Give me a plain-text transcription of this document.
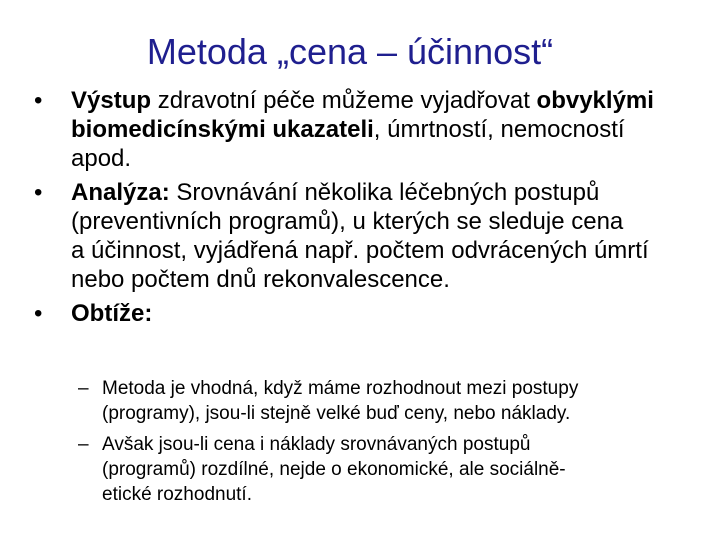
Metoda „cena – účinnost“
•	Výstup zdravotní péče můžeme vyjadřovat obvyklými
biomedicínskými ukazateli, úmrtností, nemocností
apod.
•	Analýza: Srovnávání několika léčebných postupů
(preventivních programů), u kterých se sleduje cena
a účinnost, vyjádřená např. počtem odvrácených úmrtí
nebo počtem dnů rekonvalescence.
•	Obtíže:
– Metoda je vhodná, když máme rozhodnout mezi postupy
(programy), jsou-li stejně velké buď ceny, nebo náklady.
– Avšak jsou-li cena i náklady srovnávaných postupů
(programů) rozdílné, nejde o ekonomické, ale sociálně-
etické rozhodnutí.
